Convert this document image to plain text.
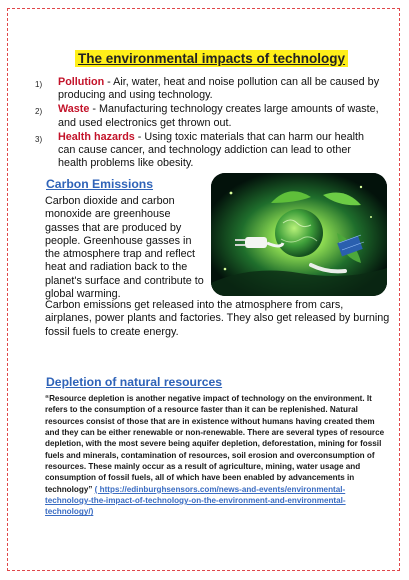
The environmental impacts of technology
1)	Pollution - Air, water, heat and noise pollution can all be caused by producing and using technology.
2)	Waste - Manufacturing technology creates large amounts of waste, and used electronics get thrown out.
3)	Health hazards - Using toxic materials that can harm our health can cause cancer, and technology addiction can lead to other health problems like obesity.
Carbon Emissions
Carbon dioxide and carbon monoxide are greenhouse gasses that are produced by people. Greenhouse gasses in the atmosphere trap and reflect heat and radiation back to the planet's surface and contribute to global warming.
Carbon emissions get released into the atmosphere from cars, airplanes, power plants and factories. They also get released by burning fossil fuels to create energy.
Depletion of natural resources
“Resource depletion is another negative impact of technology on the environment. It refers to the consumption of a resource faster than it can be replenished. Natural resources consist of those that are in existence without humans having created them and they can be either renewable or non-renewable. There are several types of resource depletion, with the most severe being aquifer depletion, deforestation, mining for fossil fuels and minerals, contamination of resources, soil erosion and overconsumption of resources. These mainly occur as a result of agriculture, mining, water usage and consumption of fossil fuels, all of which have been enabled by advancements in technology” ( https://edinburghsensors.com/news-and-events/environmental-technology-the-impact-of-technology-on-the-environment-and-environmental-technology/)
